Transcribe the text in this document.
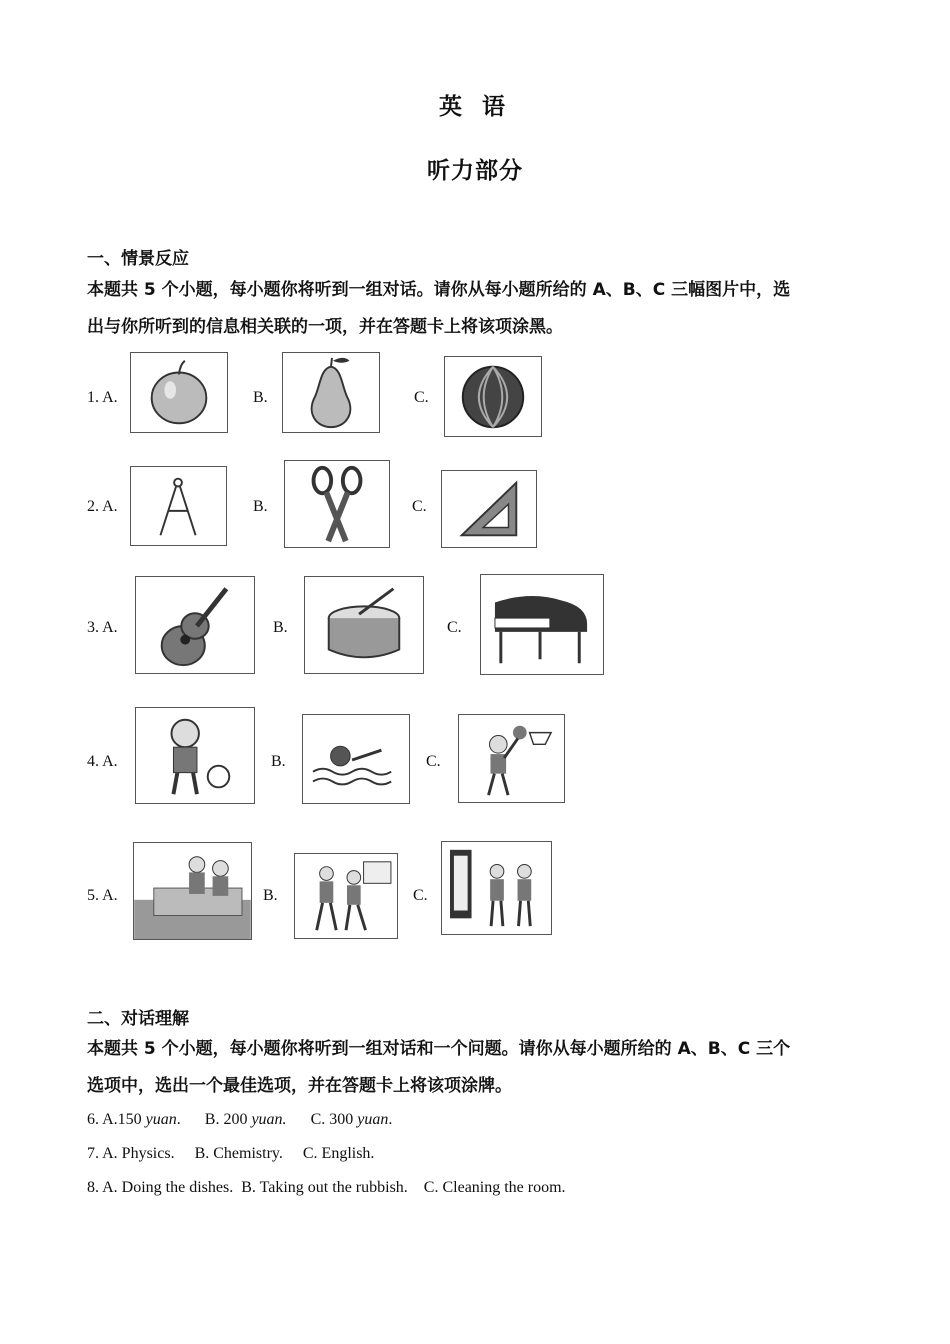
英 语
听力部分
一、情景反应
本题共 5 个小题，每小题你将听到一组对话。请你从每小题所给的 A、B、C 三幅图片中，选
出与你所听到的信息相关联的一项，并在答题卡上将该项涂黑。
1. A.	B.	C.
2. A.	B.	C.
3. A.	B.	C.
4. A.	B.	C.
5. A.	B.	C.
二、对话理解
本题共 5 个小题，每小题你将听到一组对话和一个问题。请你从每小题所给的 A、B、C 三个
选项中，选出一个最佳选项，并在答题卡上将该项涂牌。
6. A.150 yuan. B. 200 yuan. C. 300 yuan.
7. A. Physics.     B. Chemistry.     C. English.
8. A. Doing the dishes.  B. Taking out the rubbish.    C. Cleaning the room.
